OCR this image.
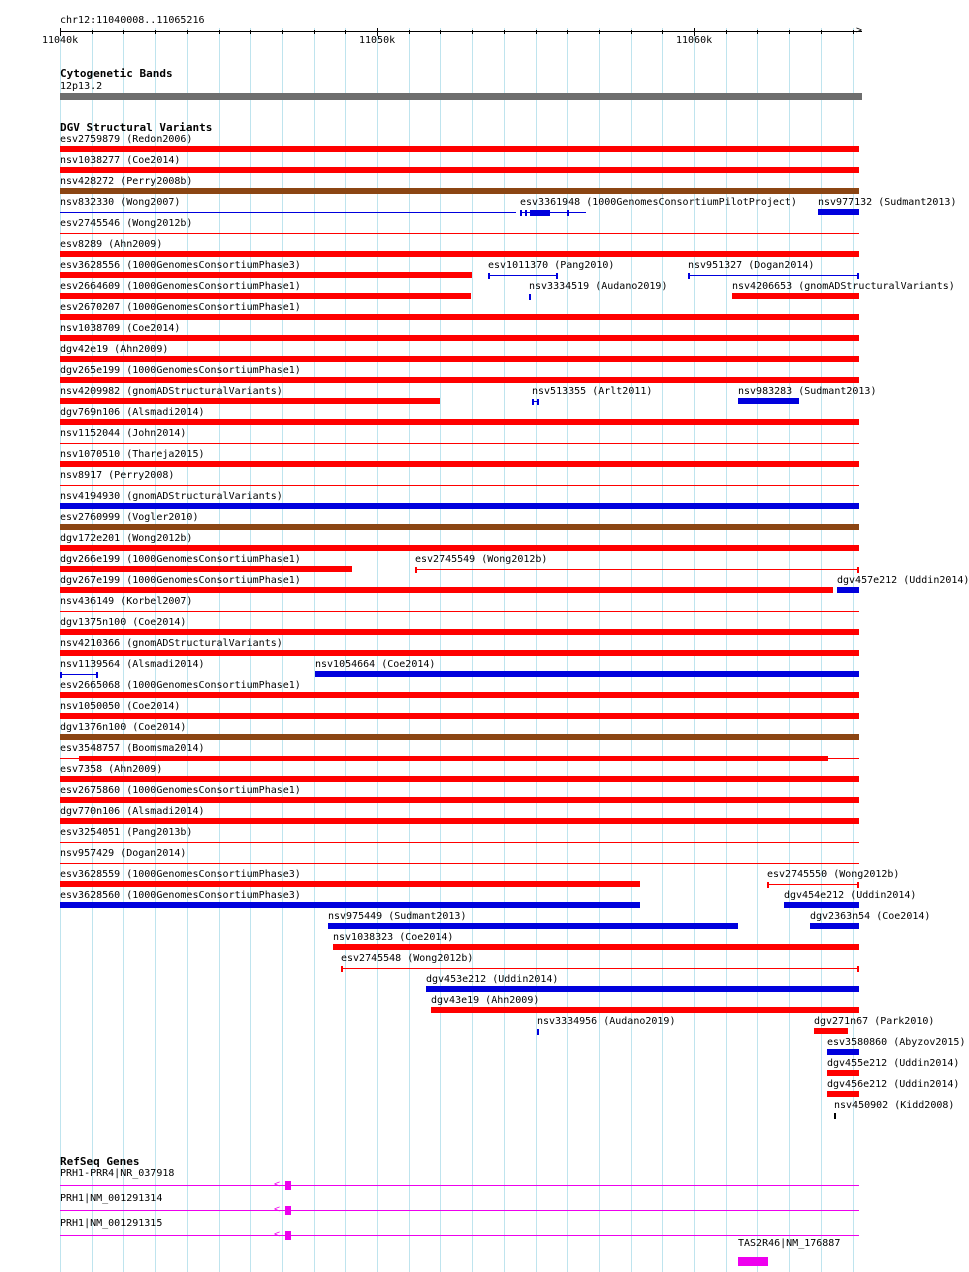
chr12:11040008..11065216
>
11040k	11050k	11060k
Cytogenetic Bands
12p13.2
DGV Structural Variants
esv2759879 (Redon2006)
nsv1038277 (Coe2014)
nsv428272 (Perry2008b)
nsv832330 (Wong2007)	esv3361948 (1000GenomesConsortiumPilotProject) nsv977132 (Sudmant2013)
esv2745546 (Wong2012b)
esv8289 (Ahn2009)
esv3628556 (1000GenomesConsortiumPhase3)	esv1011370 (Pang2010)	nsv951327 (Dogan2014)
esv2664609 (1000GenomesConsortiumPhase1)	nsv3334519 (Audano2019)	nsv4206653 (gnomADStructuralVariants)
esv2670207 (1000GenomesConsortiumPhase1)
nsv1038709 (Coe2014)
dgv42e19 (Ahn2009)
dgv265e199 (1000GenomesConsortiumPhase1)
nsv4209982 (gnomADStructuralVariants)	nsv513355 (Arlt2011)	nsv983283 (Sudmant2013)
dgv769n106 (Alsmadi2014)
nsv1152044 (John2014)
nsv1070510 (Thareja2015)
nsv8917 (Perry2008)
nsv4194930 (gnomADStructuralVariants)
esv2760999 (Vogler2010)
dgv172e201 (Wong2012b)
dgv266e199 (1000GenomesConsortiumPhase1)	esv2745549 (Wong2012b)
dgv267e199 (1000GenomesConsortiumPhase1)	dgv457e212 (Uddin2014)
nsv436149 (Korbel2007)
dgv1375n100 (Coe2014)
nsv4210366 (gnomADStructuralVariants)
nsv1139564 (Alsmadi2014)	nsv1054664 (Coe2014)
esv2665068 (1000GenomesConsortiumPhase1)
nsv1050050 (Coe2014)
dgv1376n100 (Coe2014)
esv3548757 (Boomsma2014)
esv7358 (Ahn2009)
esv2675860 (1000GenomesConsortiumPhase1)
dgv770n106 (Alsmadi2014)
esv3254051 (Pang2013b)
nsv957429 (Dogan2014)
esv3628559 (1000GenomesConsortiumPhase3)	esv2745550 (Wong2012b)
esv3628560 (1000GenomesConsortiumPhase3)	dgv454e212 (Uddin2014)
nsv975449 (Sudmant2013)	dgv2363n54 (Coe2014)
nsv1038323 (Coe2014)
esv2745548 (Wong2012b)
dgv453e212 (Uddin2014)
dgv43e19 (Ahn2009)
nsv3334956 (Audano2019)	dgv271n67 (Park2010)
esv3580860 (Abyzov2015)
dgv455e212 (Uddin2014)
dgv456e212 (Uddin2014)
nsv450902 (Kidd2008)
RefSeq Genes
PRH1-PRR4|NR_037918
<
PRH1|NM_001291314
<
PRH1|NM_001291315
<
TAS2R46|NM_176887
